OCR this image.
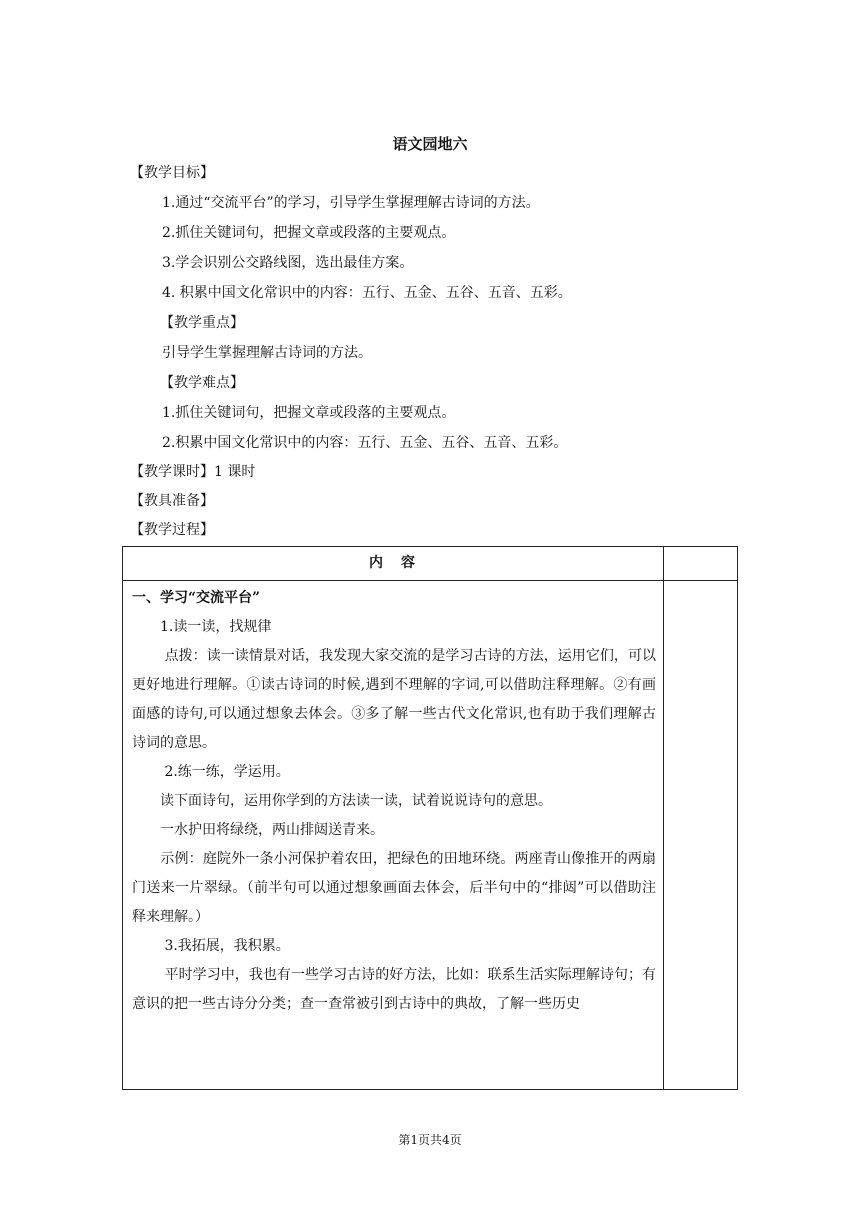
语文园地六
【教学目标】
1.通过“交流平台”的学习，引导学生掌握理解古诗词的方法。
2.抓住关键词句，把握文章或段落的主要观点。
3.学会识别公交路线图，选出最佳方案。
4. 积累中国文化常识中的内容：五行、五金、五谷、五音、五彩。
【教学重点】
引导学生掌握理解古诗词的方法。
【教学难点】
1.抓住关键词句，把握文章或段落的主要观点。
2.积累中国文化常识中的内容：五行、五金、五谷、五音、五彩。
【教学课时】1 课时
【教具准备】
【教学过程】
内　容
一、学习“交流平台”
　　1.读一读，找规律
　　 点拨：读一读情景对话，我发现大家交流的是学习古诗的方法，运用它们，可以更好地进行理解。①读古诗词的时候,遇到不理解的字词,可以借助注释理解。②有画面感的诗句,可以通过想象去体会。③多了解一些古代文化常识,也有助于我们理解古诗词的意思。
　　 2.练一练，学运用。
　　读下面诗句，运用你学到的方法读一读，试着说说诗句的意思。
　　一水护田将绿绕，两山排闼送青来。
　　示例：庭院外一条小河保护着农田，把绿色的田地环绕。两座青山像推开的两扇门送来一片翠绿。（前半句可以通过想象画面去体会，后半句中的“排闼”可以借助注释来理解。）
　　 3.我拓展，我积累。
　　 平时学习中，我也有一些学习古诗的好方法，比如：联系生活实际理解诗句；有意识的把一些古诗分分类；查一查常被引到古诗中的典故，了解一些历史
第1页共4页
